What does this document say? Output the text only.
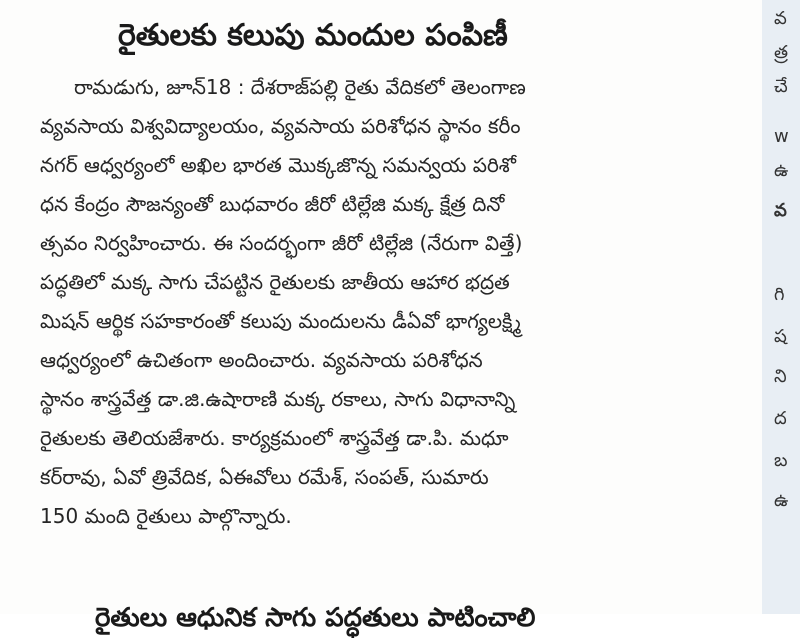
రైతులకు కలుపు మందుల పంపిణీ
రామడుగు, జూన్18 : దేశరాజ్‌పల్లి రైతు వేదికలో తెలంగాణ
వ్యవసాయ విశ్వవిద్యాలయం, వ్యవసాయ పరిశోధన స్థానం కరీం
నగర్ ఆధ్వర్యంలో అఖిల భారత మొక్కజొన్న సమన్వయ పరిశో
ధన కేంద్రం సౌజన్యంతో బుధవారం జీరో టిల్లేజి మక్క క్షేత్ర దినో
త్సవం నిర్వహించారు. ఈ సందర్భంగా జీరో టిల్లేజి (నేరుగా విత్తే)
పద్ధతిలో మక్క సాగు చేపట్టిన రైతులకు జాతీయ ఆహార భద్రత
మిషన్ ఆర్థిక సహకారంతో కలుపు మందులను డీఏవో భాగ్యలక్ష్మి
ఆధ్వర్యంలో ఉచితంగా అందించారు. వ్యవసాయ పరిశోధన
స్థానం శాస్త్రవేత్త డా.జి.ఉషారాణి మక్క రకాలు, సాగు విధానాన్ని
రైతులకు తెలియజేశారు. కార్యక్రమంలో శాస్త్రవేత్త డా.పి. మధూ
కర్‌రావు, ఏవో త్రివేదిక, ఏఈవోలు రమేశ్, సంపత్, సుమారు
150 మంది రైతులు పాల్గొన్నారు.
రైతులు ఆధునిక సాగు పద్ధతులు పాటించాలి
వ
త్ర
చే
w
ఉ
వ
గి
ష
ని
ద
బ
ఉ
